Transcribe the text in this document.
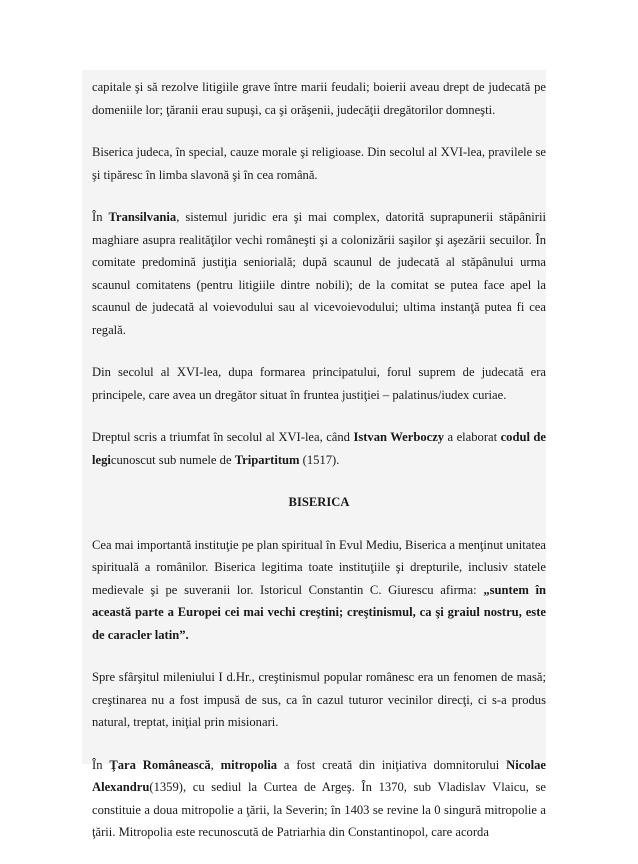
capitale şi să rezolve litigiile grave între marii feudali; boierii aveau drept de judecată pe domeniile lor; ţăranii erau supuşi, ca şi orăşenii, judecăţii dregătorilor domneşti.

Biserica judeca, în special, cauze morale şi religioase. Din secolul al XVI-lea, pravilele se şi tipăresc în limba slavonă şi în cea română.

În Transilvania, sistemul juridic era şi mai complex, datorită suprapunerii stăpânirii maghiare asupra realităţilor vechi româneşti şi a colonizării saşilor şi aşezării secuilor. În comitate predomină justiţia seniorială; după scaunul de judecată al stăpânului urma scaunul comitatens (pentru litigiile dintre nobili); de la comitat se putea face apel la scaunul de judecată al voievodului sau al vicevoievodului; ultima instanţă putea fi cea regală.

Din secolul al XVI-lea, dupa formarea principatului, forul suprem de judecată era principele, care avea un dregător situat în fruntea justiţiei – palatinus/iudex curiae.

Dreptul scris a triumfat în secolul al XVI-lea, când Istvan Werboczy a elaborat codul de legicunoscut sub numele de Tripartitum (1517).

BISERICA

Cea mai importantă instituţie pe plan spiritual în Evul Mediu, Biserica a menţinut unitatea spirituală a românilor. Biserica legitima toate instituţiile şi drepturile, inclusiv statele medievale şi pe suveranii lor. Istoricul Constantin C. Giurescu afirma: „suntem în această parte a Europei cei mai vechi creştini; creştinismul, ca şi graiul nostru, este de caracler latin”.

Spre sfârşitul mileniului I d.Hr., creştinismul popular românesc era un fenomen de masă; creştinarea nu a fost impusă de sus, ca în cazul tuturor vecinilor direcţi, ci s-a produs natural, treptat, iniţial prin misionari.

În Ţara Românească, mitropolia a fost creată din iniţiativa domnitorului Nicolae Alexandru(1359), cu sediul la Curtea de Argeş. În 1370, sub Vladislav Vlaicu, se constituie a doua mitropolie a ţării, la Severin; în 1403 se revine la 0 singură mitropolie a ţării. Mitropolia este recunoscută de Patriarhia din Constantinopol, care acorda
